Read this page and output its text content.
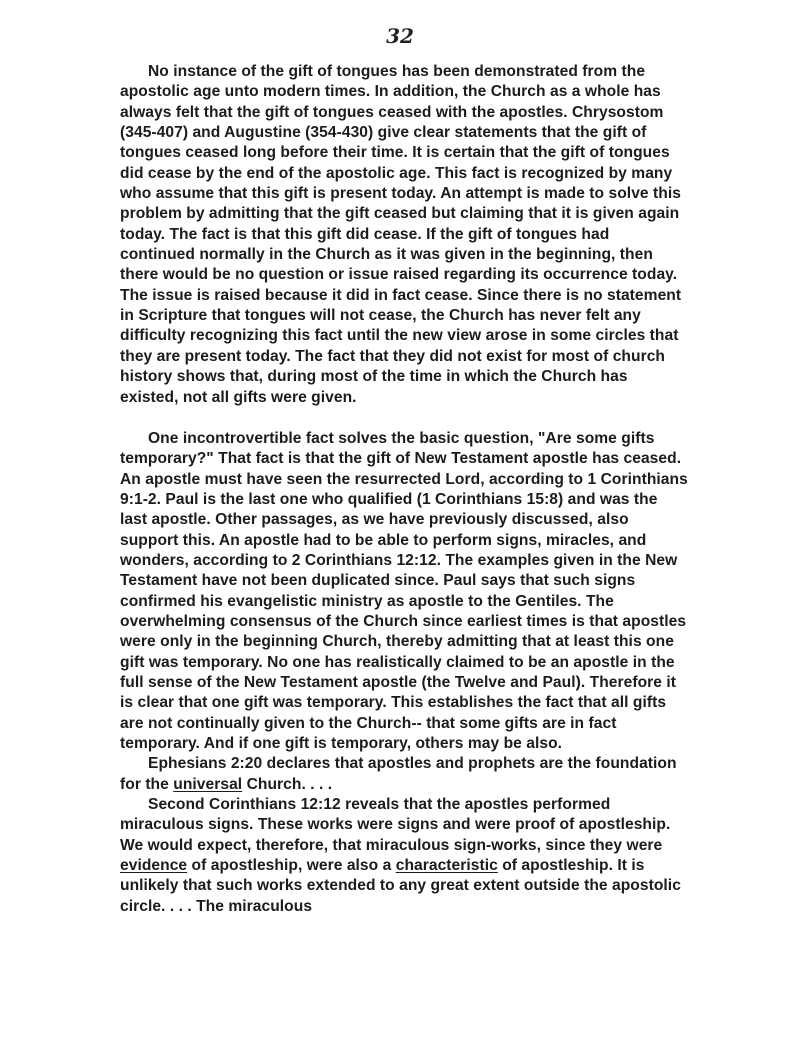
32

No instance of the gift of tongues has been demonstrated from the apostolic age unto modern times. In addition, the Church as a whole has always felt that the gift of tongues ceased with the apostles. Chrysostom (345-407) and Augustine (354-430) give clear statements that the gift of tongues ceased long before their time. It is certain that the gift of tongues did cease by the end of the apostolic age. This fact is recognized by many who assume that this gift is present today. An attempt is made to solve this problem by admitting that the gift ceased but claiming that it is given again today. The fact is that this gift did cease. If the gift of tongues had continued normally in the Church as it was given in the beginning, then there would be no question or issue raised regarding its occurrence today. The issue is raised because it did in fact cease. Since there is no statement in Scripture that tongues will not cease, the Church has never felt any difficulty recognizing this fact until the new view arose in some circles that they are present today. The fact that they did not exist for most of church history shows that, during most of the time in which the Church has existed, not all gifts were given.

One incontrovertible fact solves the basic question, "Are some gifts temporary?" That fact is that the gift of New Testament apostle has ceased. An apostle must have seen the resurrected Lord, according to 1 Corinthians 9:1-2. Paul is the last one who qualified (1 Corinthians 15:8) and was the last apostle. Other passages, as we have previously discussed, also support this. An apostle had to be able to perform signs, miracles, and wonders, according to 2 Corinthians 12:12. The examples given in the New Testament have not been duplicated since. Paul says that such signs confirmed his evangelistic ministry as apostle to the Gentiles. The overwhelming consensus of the Church since earliest times is that apostles were only in the beginning Church, thereby admitting that at least this one gift was temporary. No one has realistically claimed to be an apostle in the full sense of the New Testament apostle (the Twelve and Paul). Therefore it is clear that one gift was temporary. This establishes the fact that all gifts are not continually given to the Church-- that some gifts are in fact temporary. And if one gift is temporary, others may be also.

Ephesians 2:20 declares that apostles and prophets are the foundation for the universal Church. . . .

Second Corinthians 12:12 reveals that the apostles performed miraculous signs. These works were signs and were proof of apostleship. We would expect, therefore, that miraculous sign-works, since they were evidence of apostleship, were also a characteristic of apostleship. It is unlikely that such works extended to any great extent outside the apostolic circle. . . . The miraculous
